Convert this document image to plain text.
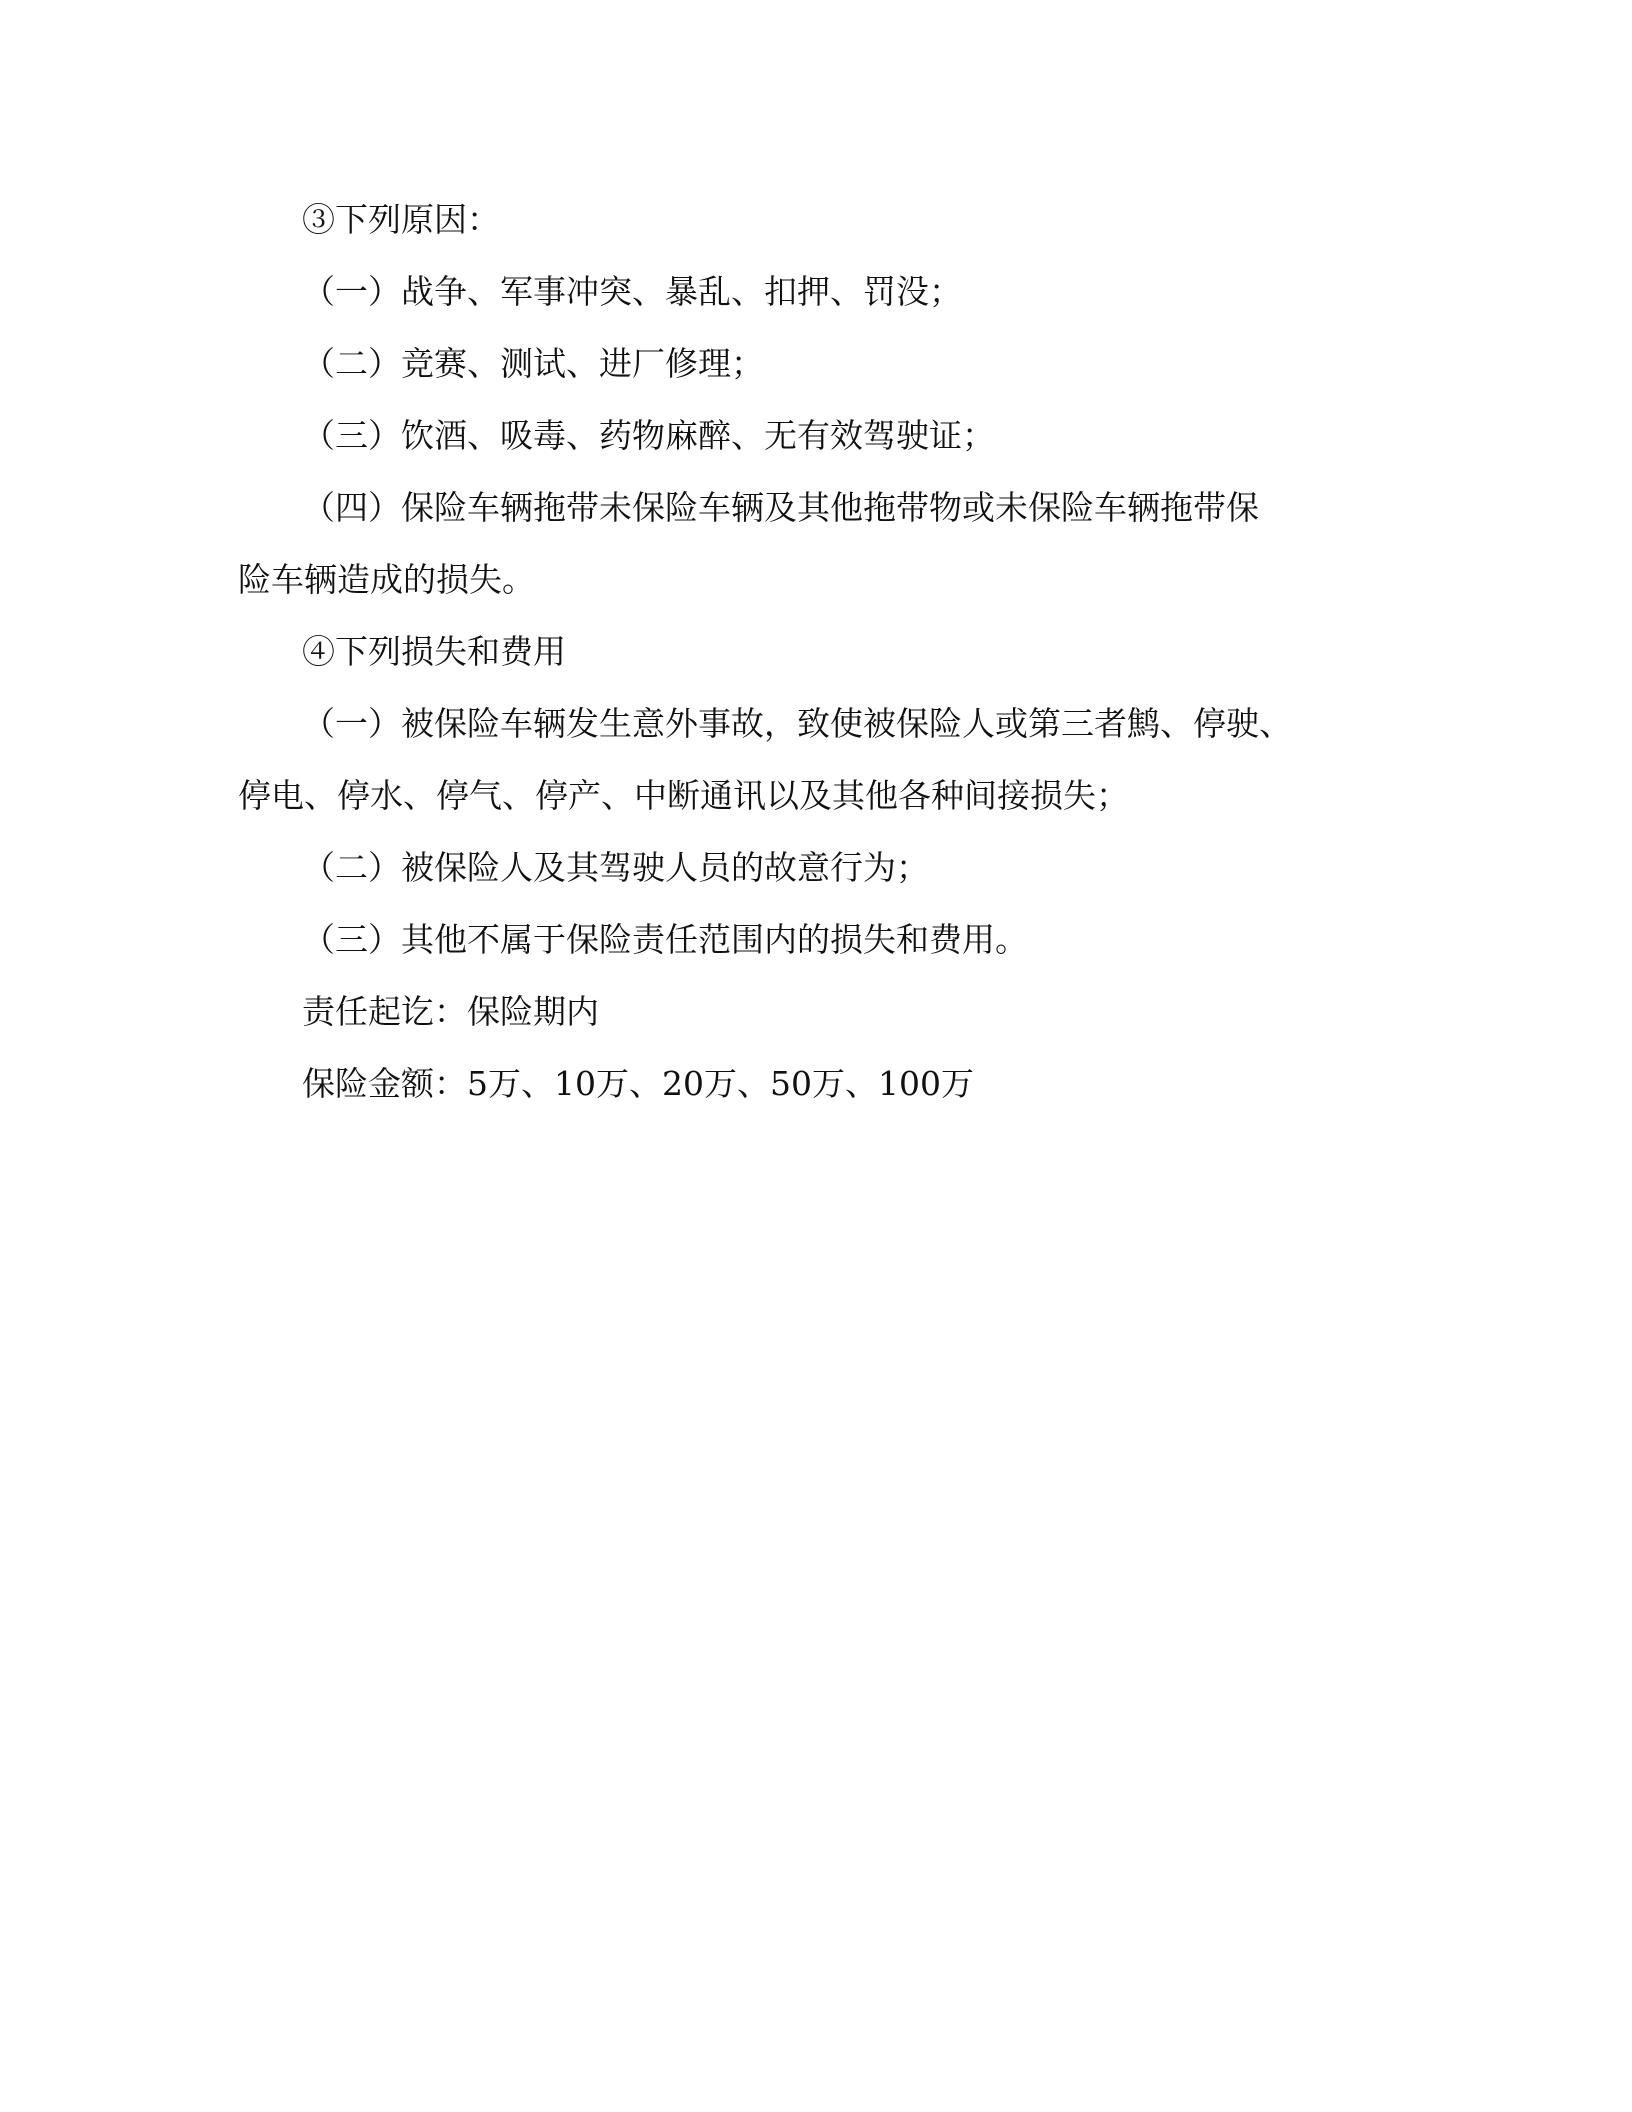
③下列原因：

（一）战争、军事冲突、暴乱、扣押、罚没；

（二）竞赛、测试、进厂修理；

（三）饮酒、吸毒、药物麻醉、无有效驾驶证；

（四）保险车辆拖带未保险车辆及其他拖带物或未保险车辆拖带保

险车辆造成的损失。

④下列损失和费用

（一）被保险车辆发生意外事故，致使被保险人或第三者鹪、停驶、

停电、停水、停气、停产、中断通讯以及其他各种间接损失；

（二）被保险人及其驾驶人员的故意行为；

（三）其他不属于保险责任范围内的损失和费用。

责任起讫：保险期内

保险金额：5万、10万、20万、50万、100万
